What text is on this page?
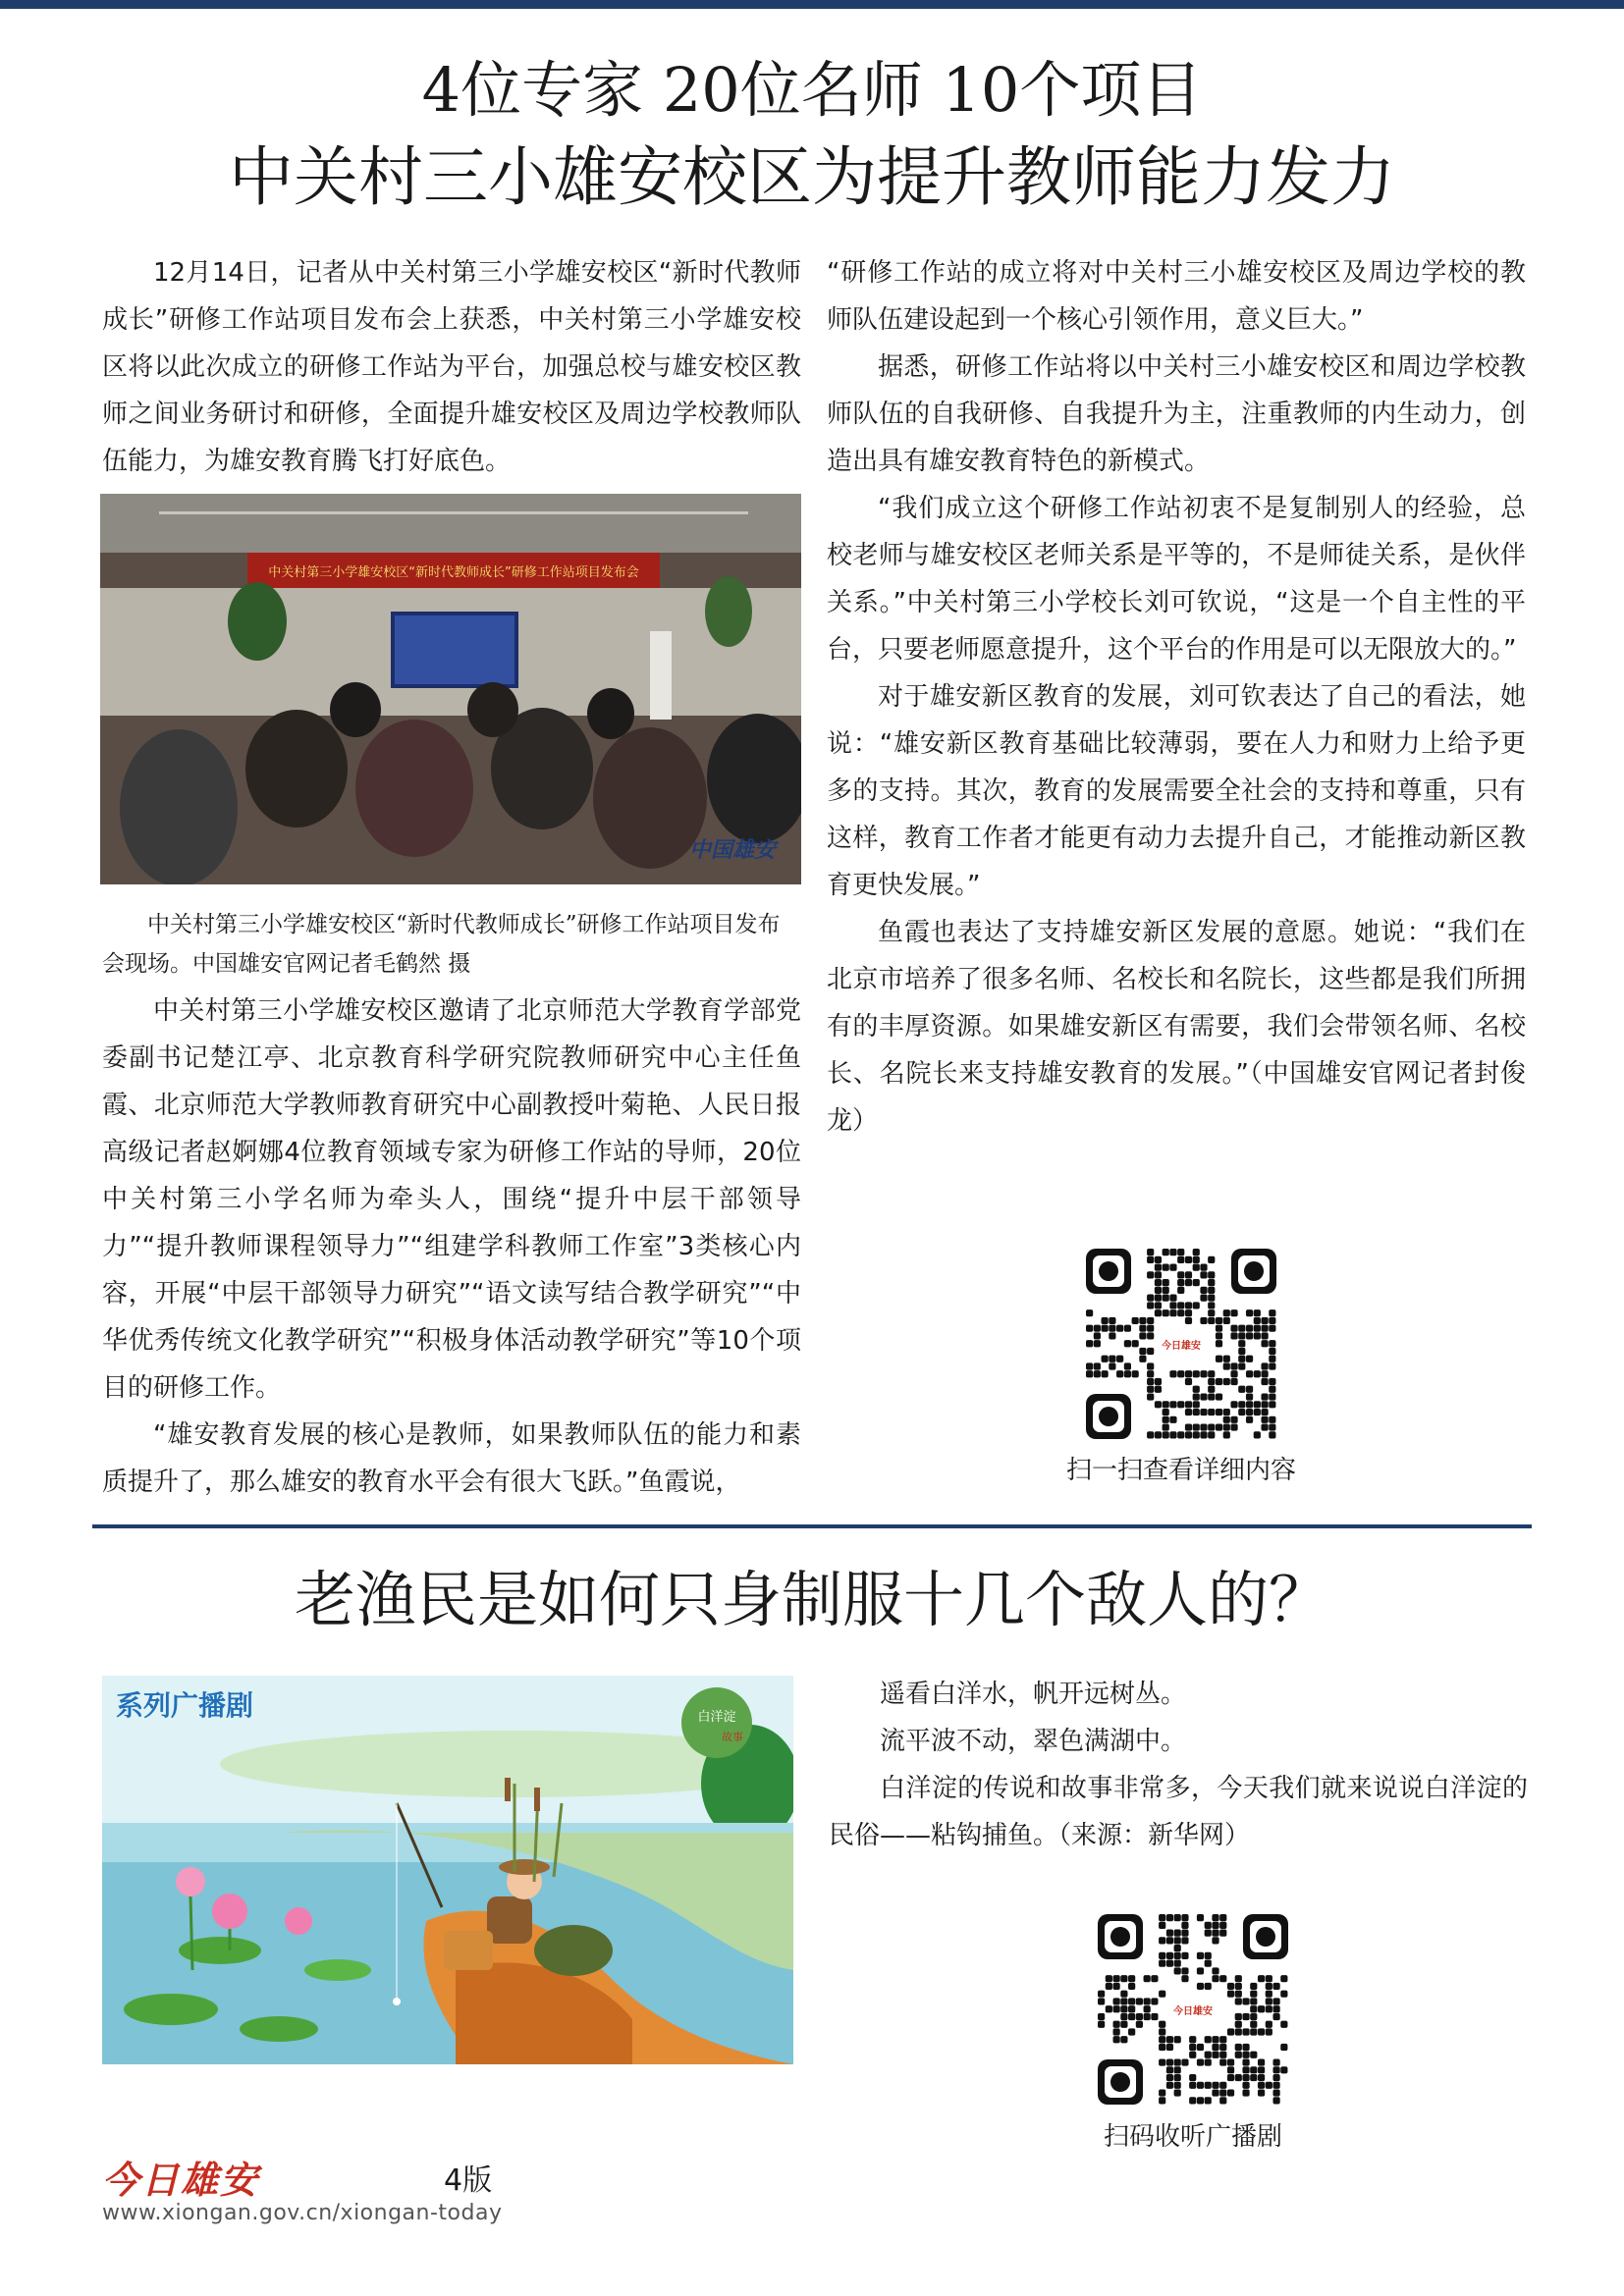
4位专家 20位名师 10个项目
中关村三小雄安校区为提升教师能力发力

12月14日，记者从中关村第三小学雄安校区“新时代教师成长”研修工作站项目发布会上获悉，中关村第三小学雄安校区将以此次成立的研修工作站为平台，加强总校与雄安校区教师之间业务研讨和研修，全面提升雄安校区及周边学校教师队伍能力，为雄安教育腾飞打好底色。

中关村第三小学雄安校区“新时代教师成长”研修工作站项目发布会
中国雄安
中关村第三小学雄安校区“新时代教师成长”研修工作站项目发布会现场。中国雄安官网记者毛鹤然 摄

中关村第三小学雄安校区邀请了北京师范大学教育学部党委副书记楚江亭、北京教育科学研究院教师研究中心主任鱼霞、北京师范大学教师教育研究中心副教授叶菊艳、人民日报高级记者赵婀娜4位教育领域专家为研修工作站的导师，20位中关村第三小学名师为牵头人，围绕“提升中层干部领导力”“提升教师课程领导力”“组建学科教师工作室”3类核心内容，开展“中层干部领导力研究”“语文读写结合教学研究”“中华优秀传统文化教学研究”“积极身体活动教学研究”等10个项目的研修工作。

“雄安教育发展的核心是教师，如果教师队伍的能力和素质提升了，那么雄安的教育水平会有很大飞跃。”鱼霞说，

“研修工作站的成立将对中关村三小雄安校区及周边学校的教师队伍建设起到一个核心引领作用，意义巨大。”

据悉，研修工作站将以中关村三小雄安校区和周边学校教师队伍的自我研修、自我提升为主，注重教师的内生动力，创造出具有雄安教育特色的新模式。

“我们成立这个研修工作站初衷不是复制别人的经验，总校老师与雄安校区老师关系是平等的，不是师徒关系，是伙伴关系。”中关村第三小学校长刘可钦说，“这是一个自主性的平台，只要老师愿意提升，这个平台的作用是可以无限放大的。”

对于雄安新区教育的发展，刘可钦表达了自己的看法，她说：“雄安新区教育基础比较薄弱，要在人力和财力上给予更多的支持。其次，教育的发展需要全社会的支持和尊重，只有这样，教育工作者才能更有动力去提升自己，才能推动新区教育更快发展。”

鱼霞也表达了支持雄安新区发展的意愿。她说：“我们在北京市培养了很多名师、名校长和名院长，这些都是我们所拥有的丰厚资源。如果雄安新区有需要，我们会带领名师、名校长、名院长来支持雄安教育的发展。”（中国雄安官网记者封俊龙）

今日雄安
扫一扫查看详细内容
老渔民是如何只身制服十几个敌人的？
系列广播剧	白洋淀
故事

遥看白洋水，帆开远树丛。

流平波不动，翠色满湖中。

白洋淀的传说和故事非常多，今天我们就来说说白洋淀的民俗——粘钩捕鱼。（来源：新华网）

今日雄安
扫码收听广播剧
今日雄安	4版
www.xiongan.gov.cn/xiongan-today
